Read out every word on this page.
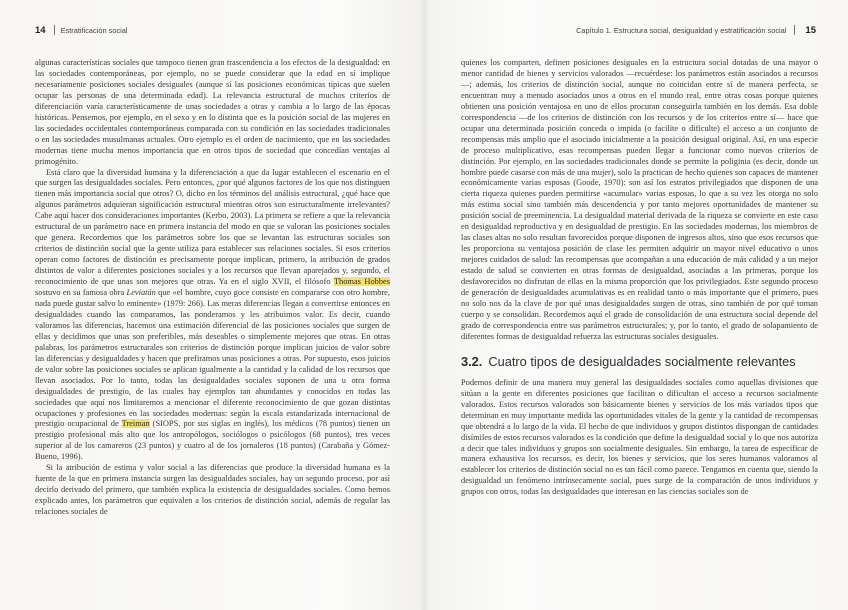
14 Estratificación social

algunas características sociales que tampoco tienen gran trascendencia a los efectos de la desigualdad: en las sociedades contemporáneas, por ejemplo, no se puede considerar que la edad en sí implique necesariamente posiciones sociales desiguales (aunque sí las posiciones económicas típicas que suelen ocupar las personas de una determinada edad). La relevancia estructural de muchos criterios de diferenciación varía característicamente de unas sociedades a otras y cambia a lo largo de las épocas históricas. Pensemos, por ejemplo, en el sexo y en lo distinta que es la posición social de las mujeres en las sociedades occidentales contemporáneas comparada con su condición en las sociedades tradicionales o en las sociedades musulmanas actuales. Otro ejemplo es el orden de nacimiento, que en las sociedades modernas tiene mucha menos importancia que en otros tipos de sociedad que concedían ventajas al primogénito.

Está claro que la diversidad humana y la diferenciación a que da lugar establecen el escenario en el que surgen las desigualdades sociales. Pero entonces, ¿por qué algunos factores de los que nos distinguen tienen más importancia social que otros? O, dicho en los términos del análisis estructural, ¿qué hace que algunos parámetros adquieran significación estructural mientras otros son estructuralmente irrelevantes? Cabe aquí hacer dos consideraciones importantes (Kerbo, 2003). La primera se refiere a que la relevancia estructural de un parámetro nace en primera instancia del modo en que se valoran las posiciones sociales que genera. Recordemos que los parámetros sobre los que se levantan las estructuras sociales son criterios de distinción social que la gente utiliza para establecer sus relaciones sociales. Si esos criterios operan como factores de distinción es precisamente porque implican, primero, la atribución de grados distintos de valor a diferentes posiciones sociales y a los recursos que llevan aparejados y, segundo, el reconocimiento de que unas son mejores que otras. Ya en el siglo XVII, el filósofo Thomas Hobbes sostuvo en su famosa obra Leviatán que «el hombre, cuyo goce consiste en compararse con otro hombre, nada puede gustar salvo lo eminente» (1979: 266). Las meras diferencias llegan a convertirse entonces en desigualdades cuando las comparamos, las ponderamos y les atribuimos valor. Es decir, cuando valoramos las diferencias, hacemos una estimación diferencial de las posiciones sociales que surgen de ellas y decidimos que unas son preferibles, más deseables o simplemente mejores que otras. En otras palabras, los parámetros estructurales son criterios de distinción porque implican juicios de valor sobre las diferencias y desigualdades y hacen que prefiramos unas posiciones a otras. Por supuesto, esos juicios de valor sobre las posiciones sociales se aplican igualmente a la cantidad y la calidad de los recursos que llevan asociados. Por lo tanto, todas las desigualdades sociales suponen de una u otra forma desigualdades de prestigio, de las cuales hay ejemplos tan abundantes y conocidos en todas las sociedades que aquí nos limitaremos a mencionar el diferente reconocimiento de que gozan distintas ocupaciones y profesiones en las sociedades modernas: según la escala estandarizada internacional de prestigio ocupacional de Treiman (SIOPS, por sus siglas en inglés), los médicos (78 puntos) tienen un prestigio profesional más alto que los antropólogos, sociólogos o psicólogos (68 puntos), tres veces superior al de los camareros (23 puntos) y cuatro al de los jornaleros (18 puntos) (Carabaña y Gómez-Bueno, 1996).

Si la atribución de estima y valor social a las diferencias que produce la diversidad humana es la fuente de la que en primera instancia surgen las desigualdades sociales, hay un segundo proceso, por así decirlo derivado del primero, que también explica la existencia de desigualdades sociales. Como hemos explicado antes, los parámetros que equivalen a los criterios de distinción social, además de regular las relaciones sociales de

Capítulo 1. Estructura social, desigualdad y estratificación social 15

quienes los comparten, definen posiciones desiguales en la estructura social dotadas de una mayor o menor cantidad de bienes y servicios valorados —recuérdese: los parámetros están asociados a recursos—; además, los criterios de distinción social, aunque no coincidan entre sí de manera perfecta, se encuentran muy a menudo asociados unos a otros en el mundo real, entre otras cosas porque quienes obtienen una posición ventajosa en uno de ellos procuran conseguirla también en los demás. Esa doble correspondencia —de los criterios de distinción con los recursos y de los criterios entre sí— hace que ocupar una determinada posición conceda o impida (o facilite o dificulte) el acceso a un conjunto de recompensas más amplio que el asociado inicialmente a la posición desigual original. Así, en una especie de proceso multiplicativo, esas recompensas pueden llegar a funcionar como nuevos criterios de distinción. Por ejemplo, en las sociedades tradicionales donde se permite la poliginia (es decir, donde un hombre puede casarse con más de una mujer), solo la practican de hecho quienes son capaces de mantener económicamente varias esposas (Goode, 1970): son así los estratos privilegiados que disponen de una cierta riqueza quienes pueden permitirse «acumular» varias esposas, lo que a su vez les otorga no solo más estima social sino también más descendencia y por tanto mejores oportunidades de mantener su posición social de preeminencia. La desigualdad material derivada de la riqueza se convierte en este caso en desigualdad reproductiva y en desigualdad de prestigio. En las sociedades modernas, los miembros de las clases altas no solo resultan favorecidos porque disponen de ingresos altos, sino que esos recursos que les proporciona su ventajosa posición de clase les permiten adquirir un mayor nivel educativo o unos mejores cuidados de salud: las recompensas que acompañan a una educación de más calidad y a un mejor estado de salud se convierten en otras formas de desigualdad, asociadas a las primeras, porque los desfavorecidos no disfrutan de ellas en la misma proporción que los privilegiados. Este segundo proceso de generación de desigualdades acumulativas es en realidad tanto o más importante que el primero, pues no solo nos da la clave de por qué unas desigualdades surgen de otras, sino también de por qué toman cuerpo y se consolidan. Recordemos aquí el grado de consolidación de una estructura social depende del grado de correspondencia entre sus parámetros estructurales; y, por lo tanto, el grado de solapamiento de diferentes formas de desigualdad refuerza las estructuras sociales desiguales.

3.2. Cuatro tipos de desigualdades socialmente relevantes

Podemos definir de una manera muy general las desigualdades sociales como aquellas divisiones que sitúan a la gente en diferentes posiciones que facilitan o dificultan el acceso a recursos socialmente valorados. Estos recursos valorados son básicamente bienes y servicios de los más variados tipos que determinan en muy importante medida las oportunidades vitales de la gente y la cantidad de recompensas que obtendrá a lo largo de la vida. El hecho de que individuos y grupos distintos dispongan de cantidades disímiles de estos recursos valorados es la condición que define la desigualdad social y lo que nos autoriza a decir que tales individuos y grupos son socialmente desiguales. Sin embargo, la tarea de especificar de manera exhaustiva los recursos, es decir, los bienes y servicios, que los seres humanos valoramos al establecer los criterios de distinción social no es tan fácil como parece. Tengamos en cuenta que, siendo la desigualdad un fenómeno intrínsecamente social, pues surge de la comparación de unos individuos y grupos con otros, todas las desigualdades que interesan en las ciencias sociales son de
